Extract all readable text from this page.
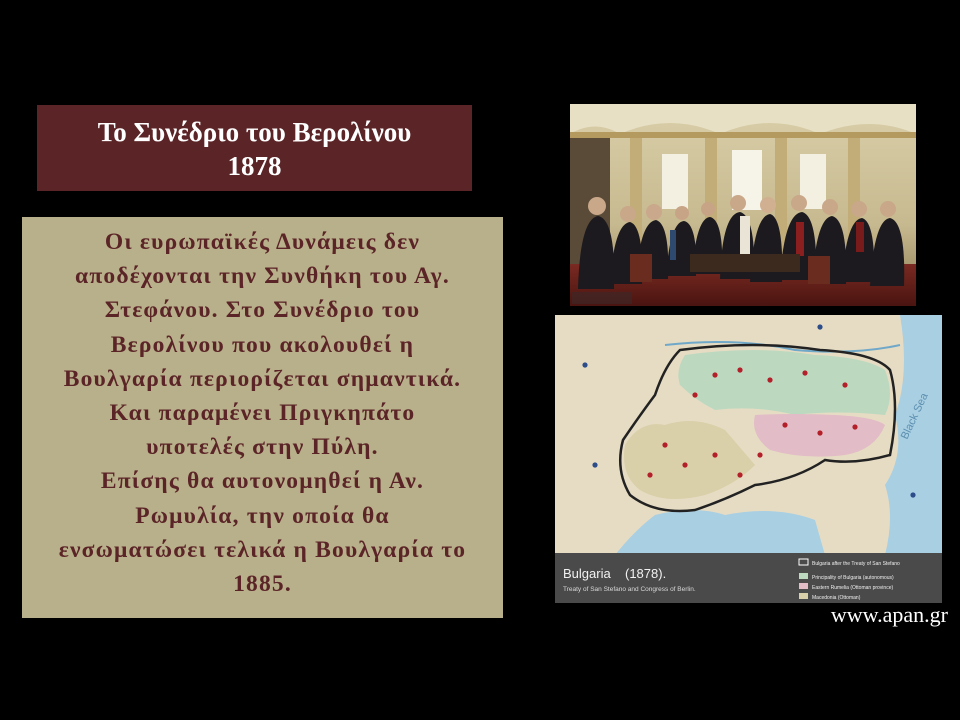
Το Συνέδριο του Βερολίνου
1878
Οι ευρωπαϊκές Δυνάμεις δεν
αποδέχονται την Συνθήκη του Αγ.
Στεφάνου. Στο Συνέδριο του
Βερολίνου που ακολουθεί η
Βουλγαρία περιορίζεται σημαντικά.
Και παραμένει Πριγκηπάτο
υποτελές στην Πύλη.
Επίσης θα αυτονομηθεί η Αν.
Ρωμυλία, την οποία θα
ενσωματώσει τελικά η Βουλγαρία το
1885.
Black Sea
Bulgaria (1878).
Treaty of San Stefano and Congress of Berlin.
Bulgaria after the Treaty of San Stefano
Principality of Bulgaria (autonomous)
Eastern Rumelia (Ottoman province)
Macedonia (Ottoman)
www.apan.gr
